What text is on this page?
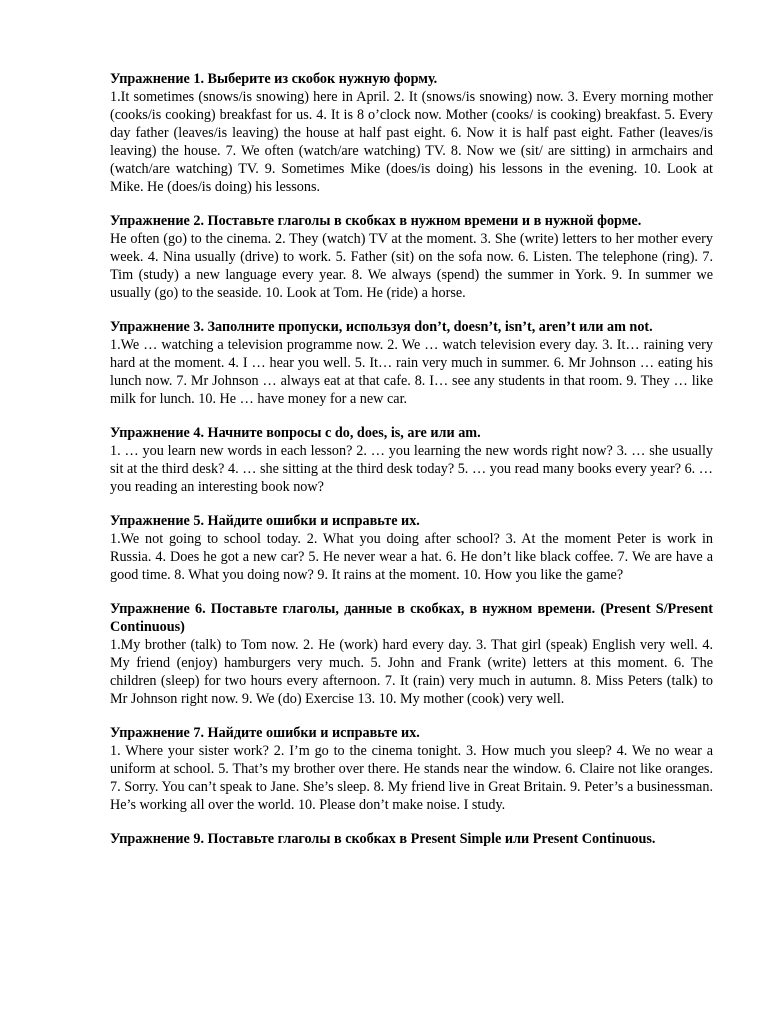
Упражнение 1. Выберите из скобок нужную форму.

1.It sometimes (snows/is snowing) here in April. 2. It (snows/is snowing) now. 3. Every morning mother (cooks/is cooking) breakfast for us. 4. It is 8 o’clock now. Mother (cooks/ is cooking) breakfast. 5. Every day father (leaves/is leaving) the house at half past eight. 6. Now it is half past eight. Father (leaves/is leaving) the house. 7. We often (watch/are watching) TV. 8. Now we (sit/ are sitting) in armchairs and (watch/are watching) TV. 9. Sometimes Mike (does/is doing) his lessons in the evening. 10. Look at Mike. He (does/is doing) his lessons.

Упражнение 2. Поставьте глаголы в скобках в нужном времени и в нужной форме.

He often (go) to the cinema. 2. They (watch) TV at the moment. 3. She (write) letters to her mother every week. 4. Nina usually (drive) to work. 5. Father (sit) on the sofa now. 6. Listen. The telephone (ring). 7. Tim (study) a new language every year. 8. We always (spend) the summer in York. 9. In summer we usually (go) to the seaside. 10. Look at Tom. He (ride) a horse.

Упражнение 3. Заполните пропуски, используя don’t, doesn’t, isn’t, aren’t или am not.

1.We … watching a television programme now. 2. We … watch television every day. 3. It… raining very hard at the moment. 4. I … hear you well. 5. It… rain very much in summer. 6. Mr Johnson … eating his lunch now. 7. Mr Johnson … always eat at that cafe. 8. I… see any students in that room. 9. They … like milk for lunch. 10. He … have money for a new car.

Упражнение 4. Начните вопросы с do, does, is, are или am.

1. … you learn new words in each lesson? 2. … you learning the new words right now? 3. … she usually sit at the third desk? 4. … she sitting at the third desk today? 5. … you read many books every year? 6. … you reading an interesting book now?

Упражнение 5. Найдите ошибки и исправьте их.

1.We not going to school today. 2. What you doing after school? 3. At the moment Peter is work in Russia. 4. Does he got a new car? 5. He never wear a hat. 6. He don’t like black coffee. 7. We are have a good time. 8. What you doing now? 9. It rains at the moment. 10. How you like the game?

Упражнение 6. Поставьте глаголы, данные в скобках, в нужном времени. (Present S/Present Continuous)

1.My brother (talk) to Tom now. 2. He (work) hard every day. 3. That girl (speak) English very well. 4. My friend (enjoy) hamburgers very much. 5. John and Frank (write) letters at this moment. 6. The children (sleep) for two hours every afternoon. 7. It (rain) very much in autumn. 8. Miss Peters (talk) to Mr Johnson right now. 9. We (do) Exercise 13. 10. My mother (cook) very well.

Упражнение 7. Найдите ошибки и исправьте их.

1. Where your sister work? 2. I’m go to the cinema tonight. 3. How much you sleep? 4. We no wear a uniform at school. 5. That’s my brother over there. He stands near the window. 6. Claire not like oranges. 7. Sorry. You can’t speak to Jane. She’s sleep. 8. My friend live in Great Britain. 9. Peter’s a businessman. He’s working all over the world. 10. Please don’t make noise. I study.

Упражнение 9. Поставьте глаголы в скобках в Present Simple или Present Continuous.
